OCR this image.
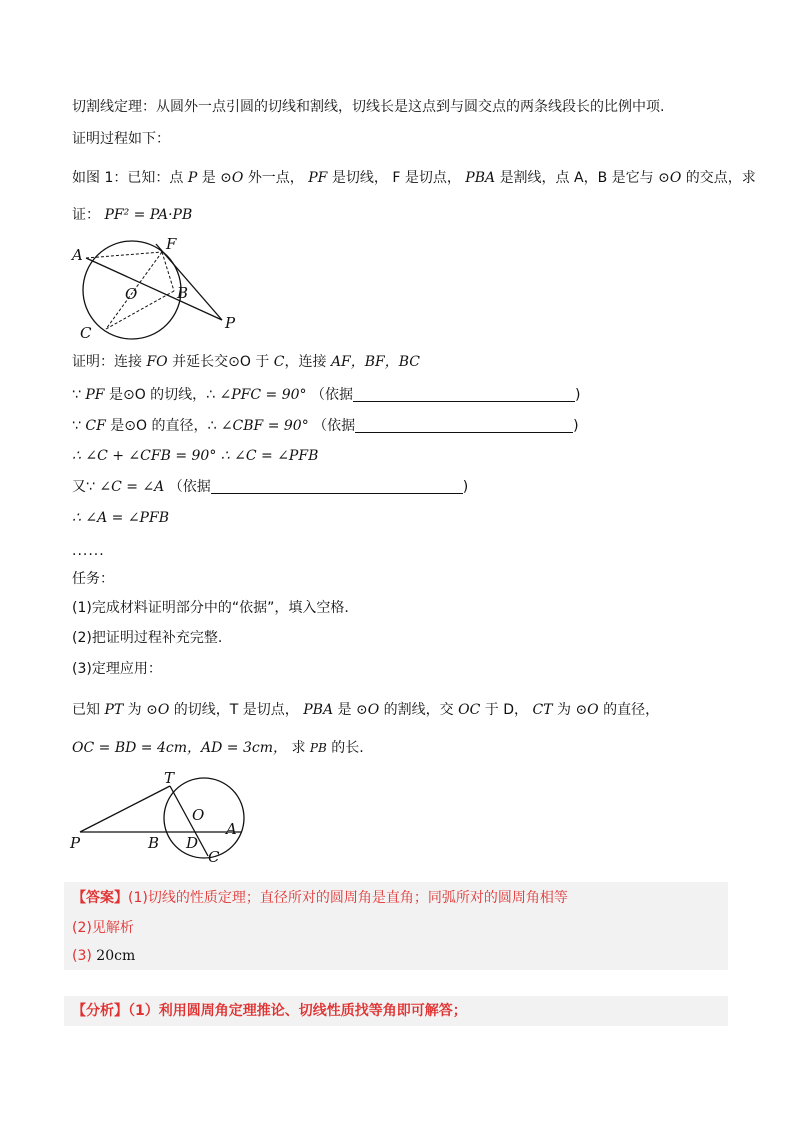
切割线定理：从圆外一点引圆的切线和割线，切线长是这点到与圆交点的两条线段长的比例中项.
证明过程如下：
如图 1：已知：点 P 是 ⊙O 外一点， PF 是切线， F 是切点， PBA 是割线，点 A，B 是它与 ⊙O 的交点，求
证： PF² = PA·PB
A
F
O	B
C
P
证明：连接 FO 并延长交⊙O 于 C，连接 AF，BF，BC
∵ PF 是⊙O 的切线，∴ ∠PFC = 90° （依据	)
∵ CF 是⊙O 的直径，∴ ∠CBF = 90° （依据	)
∴ ∠C + ∠CFB = 90° ∴ ∠C = ∠PFB
又∵ ∠C = ∠A （依据	)
∴ ∠A = ∠PFB
......
任务：
(1)完成材料证明部分中的“依据”，填入空格.
(2)把证明过程补充完整.
(3)定理应用：
已知 PT 为 ⊙O 的切线，T 是切点， PBA 是 ⊙O 的割线，交 OC 于 D， CT 为 ⊙O 的直径，
OC = BD = 4cm，AD = 3cm， 求 PB 的长.
T
O
A
P	B D
C
【答案】(1)切线的性质定理；直径所对的圆周角是直角；同弧所对的圆周角相等
(2)见解析
(3) 20cm
【分析】（1）利用圆周角定理推论、切线性质找等角即可解答；
